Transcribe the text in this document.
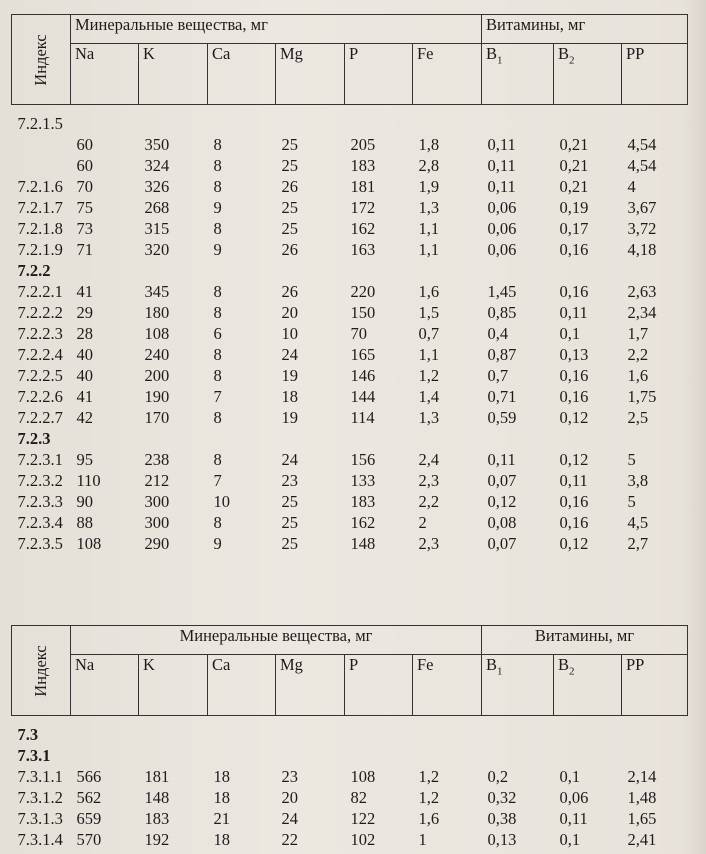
Индекс	Минеральные вещества, мг						Витамины, мг		
	Na	K	Ca	Mg	P	Fe	$B_1$	$B_2$	PP
7.2.1.5									
	60	350	8	25	205	1,8	0,11	0,21	4,54
	60	324	8	25	183	2,8	0,11	0,21	4,54
7.2.1.6	70	326	8	26	181	1,9	0,11	0,21	4
7.2.1.7	75	268	9	25	172	1,3	0,06	0,19	3,67
7.2.1.8	73	315	8	25	162	1,1	0,06	0,17	3,72
7.2.1.9	71	320	9	26	163	1,1	0,06	0,16	4,18
7.2.2									
7.2.2.1	41	345	8	26	220	1,6	1,45	0,16	2,63
7.2.2.2	29	180	8	20	150	1,5	0,85	0,11	2,34
7.2.2.3	28	108	6	10	70	0,7	0,4	0,1	1,7
7.2.2.4	40	240	8	24	165	1,1	0,87	0,13	2,2
7.2.2.5	40	200	8	19	146	1,2	0,7	0,16	1,6
7.2.2.6	41	190	7	18	144	1,4	0,71	0,16	1,75
7.2.2.7	42	170	8	19	114	1,3	0,59	0,12	2,5
7.2.3									
7.2.3.1	95	238	8	24	156	2,4	0,11	0,12	5
7.2.3.2	110	212	7	23	133	2,3	0,07	0,11	3,8
7.2.3.3	90	300	10	25	183	2,2	0,12	0,16	5
7.2.3.4	88	300	8	25	162	2	0,08	0,16	4,5
7.2.3.5	108	290	9	25	148	2,3	0,07	0,12	2,7
Индекс	Минеральные вещества, мг						Витамины, мг		
	Na	K	Ca	Mg	P	Fe	$B_1$	$B_2$	PP
7.3									
7.3.1									
7.3.1.1	566	181	18	23	108	1,2	0,2	0,1	2,14
7.3.1.2	562	148	18	20	82	1,2	0,32	0,06	1,48
7.3.1.3	659	183	21	24	122	1,6	0,38	0,11	1,65
7.3.1.4	570	192	18	22	102	1	0,13	0,1	2,41
